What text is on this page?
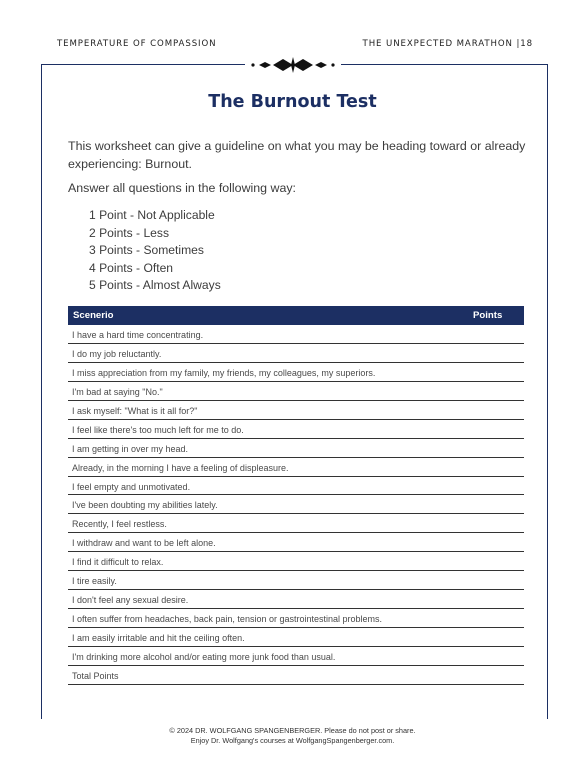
TEMPERATURE OF COMPASSION	THE UNEXPECTED MARATHON |18
The Burnout Test

This worksheet can give a guideline on what you may be heading toward or already experiencing: Burnout.

Answer all questions in the following way:

1 Point - Not Applicable
2 Points - Less
3 Points - Sometimes
4 Points - Often
5 Points - Almost Always
Scenerio	Points
I have a hard time concentrating.
I do my job reluctantly.
I miss appreciation from my family, my friends, my colleagues, my superiors.
I'm bad at saying "No."
I ask myself: "What is it all for?"
I feel like there's too much left for me to do.
I am getting in over my head.
Already, in the morning I have a feeling of displeasure.
I feel empty and unmotivated.
I've been doubting my abilities lately.
Recently, I feel restless.
I withdraw and want to be left alone.
I find it difficult to relax.
I tire easily.
I don't feel any sexual desire.
I often suffer from headaches, back pain, tension or gastrointestinal problems.
I am easily irritable and hit the ceiling often.
I'm drinking more alcohol and/or eating more junk food than usual.
Total Points
© 2024 DR. WOLFGANG SPANGENBERGER. Please do not post or share.
Enjoy Dr. Wolfgang's courses at WolfgangSpangenberger.com.
